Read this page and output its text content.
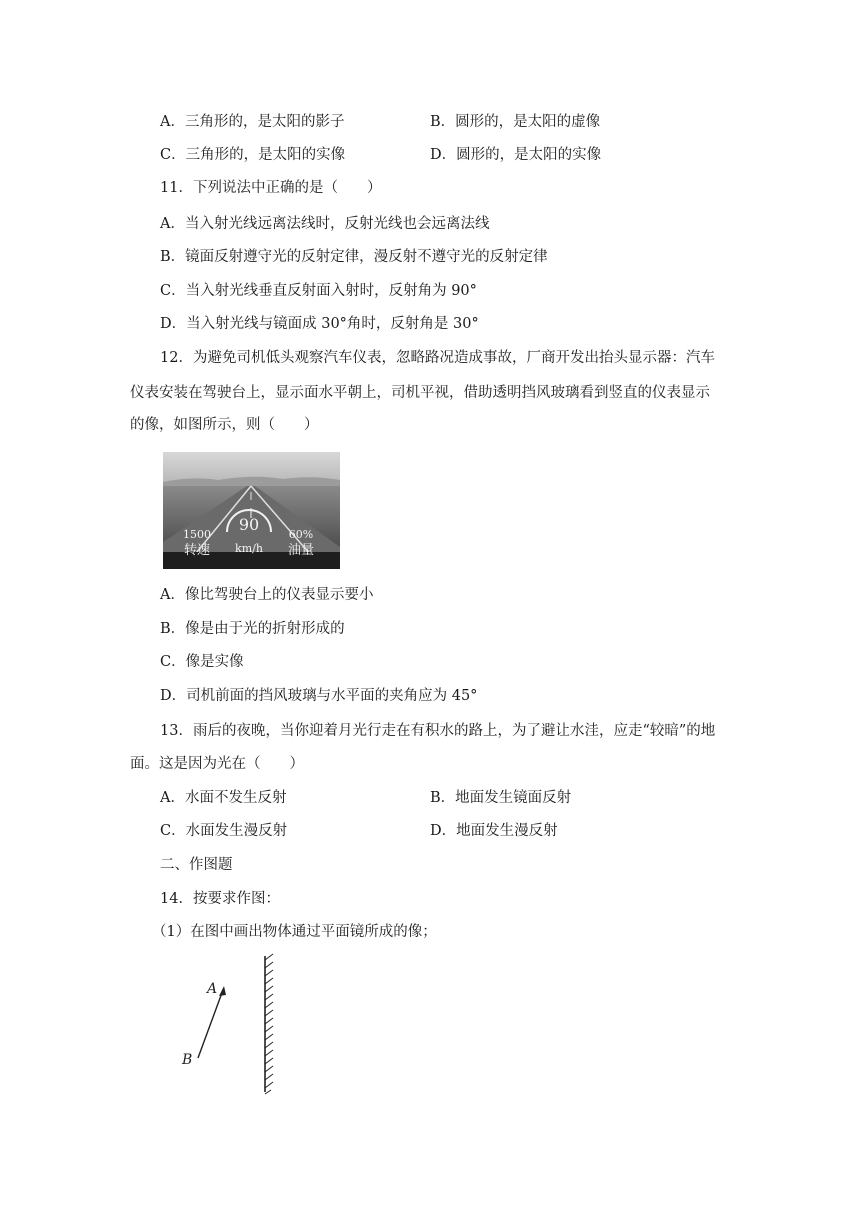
A．三角形的，是太阳的影子	B．圆形的，是太阳的虚像
C．三角形的，是太阳的实像	D．圆形的，是太阳的实像
11．下列说法中正确的是（　　）
A．当入射光线远离法线时，反射光线也会远离法线
B．镜面反射遵守光的反射定律，漫反射不遵守光的反射定律
C．当入射光线垂直反射面入射时，反射角为 90°
D．当入射光线与镜面成 30°角时，反射角是 30°
12．为避免司机低头观察汽车仪表，忽略路况造成事故，厂商开发出抬头显示器：汽车
仪表安装在驾驶台上，显示面水平朝上，司机平视，借助透明挡风玻璃看到竖直的仪表显示
的像，如图所示，则（　　）
90
1500
转速 km/h
60%
油量
A．像比驾驶台上的仪表显示要小
B．像是由于光的折射形成的
C．像是实像
D．司机前面的挡风玻璃与水平面的夹角应为 45°
13．雨后的夜晚，当你迎着月光行走在有积水的路上，为了避让水洼，应走“较暗”的地
面。这是因为光在（　　）
A．水面不发生反射	B．地面发生镜面反射
C．水面发生漫反射	D．地面发生漫反射
二、作图题
14．按要求作图：
（1）在图中画出物体通过平面镜所成的像；
A
B
